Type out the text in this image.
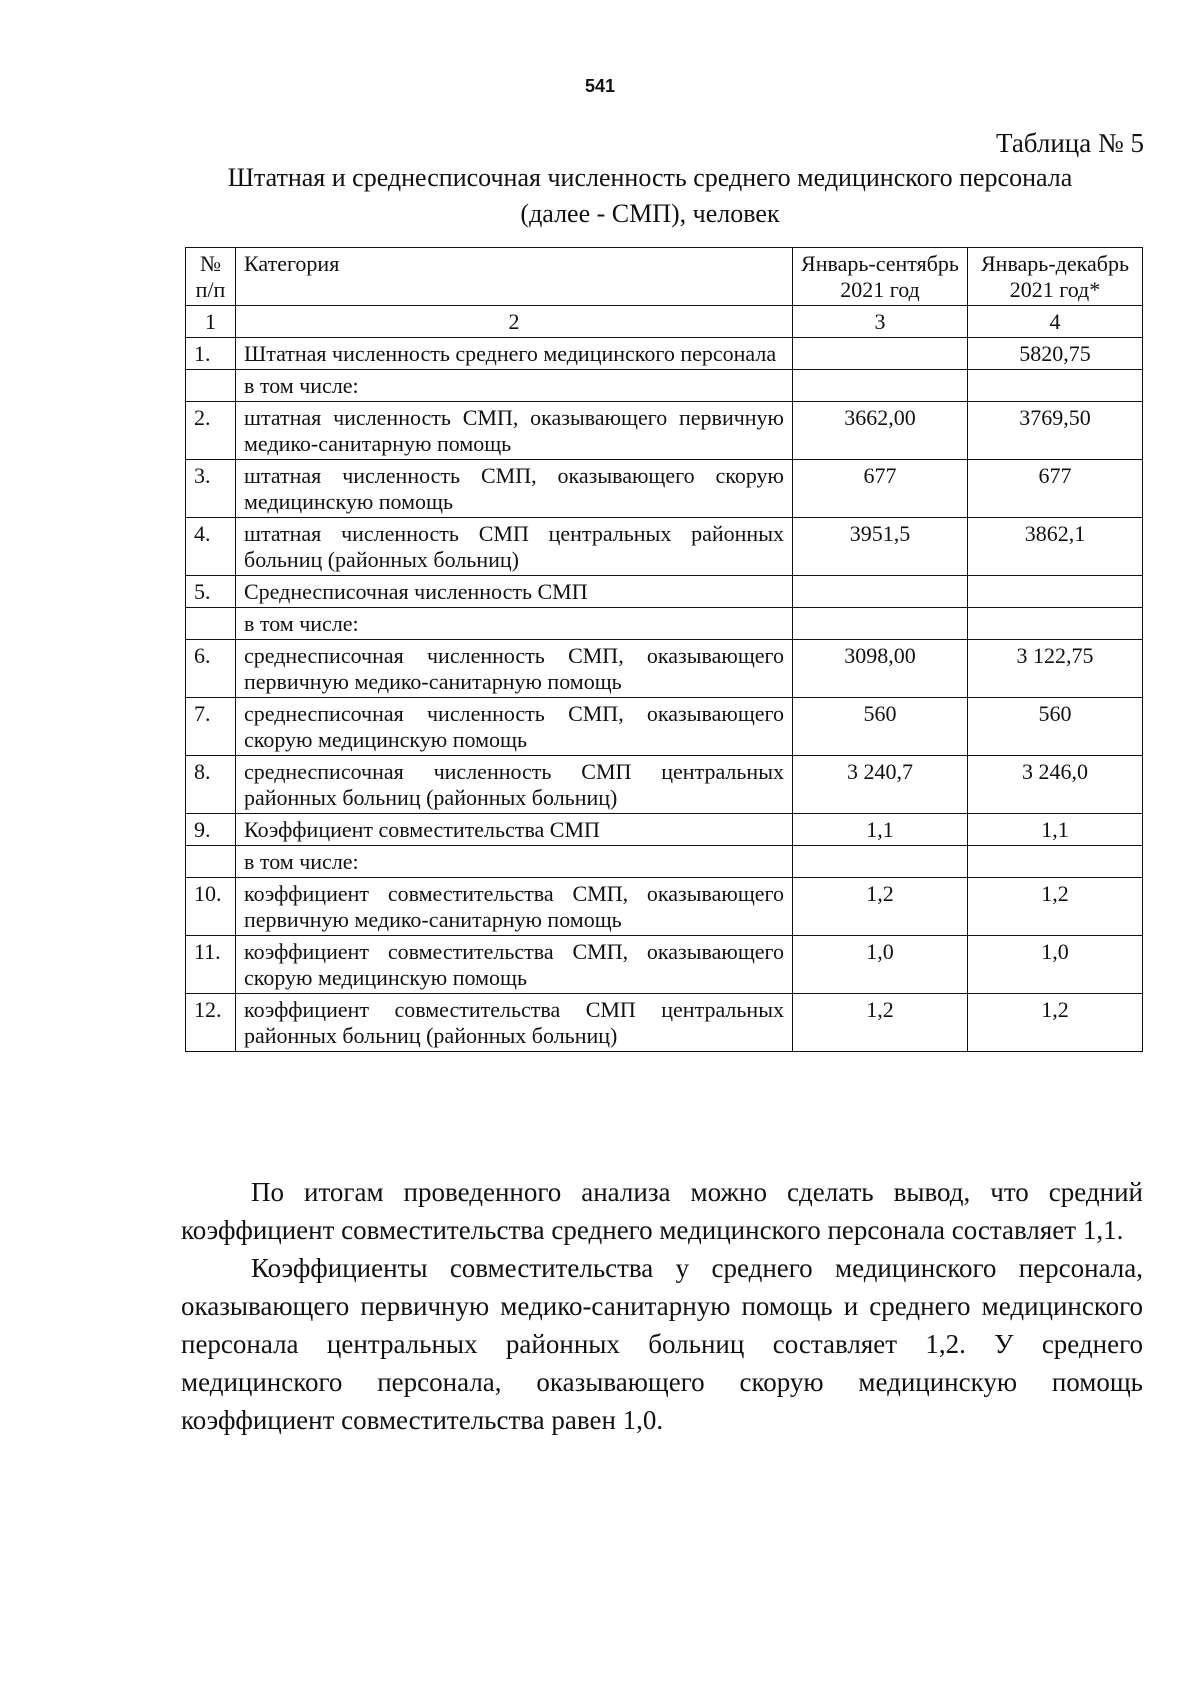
541
Таблица № 5
Штатная и среднесписочная численность среднего медицинского персонала (далее - СМП), человек
№ п/п	Категория	Январь-сентябрь 2021 год	Январь-декабрь 2021 год*
1	2	3	4
1.	Штатная численность среднего медицинского персонала		5820,75
	в том числе:		
2.	штатная численность СМП, оказывающего первичную медико-санитарную помощь	3662,00	3769,50
3.	штатная численность СМП, оказывающего скорую медицинскую помощь	677	677
4.	штатная численность СМП центральных районных больниц (районных больниц)	3951,5	3862,1
5.	Среднесписочная численность СМП		
	в том числе:		
6.	среднесписочная численность СМП, оказывающего первичную медико-санитарную помощь	3098,00	3 122,75
7.	среднесписочная численность СМП, оказывающего скорую медицинскую помощь	560	560
8.	среднесписочная численность СМП центральных районных больниц (районных больниц)	3 240,7	3 246,0
9.	Коэффициент совместительства СМП	1,1	1,1
	в том числе:		
10.	коэффициент совместительства СМП, оказывающего первичную медико-санитарную помощь	1,2	1,2
11.	коэффициент совместительства СМП, оказывающего скорую медицинскую помощь	1,0	1,0
12.	коэффициент совместительства СМП центральных районных больниц (районных больниц)	1,2	1,2

По итогам проведенного анализа можно сделать вывод, что средний коэффициент совместительства среднего медицинского персонала составляет 1,1.

Коэффициенты совместительства у среднего медицинского персонала, оказывающего первичную медико-санитарную помощь и среднего медицинского персонала центральных районных больниц составляет 1,2. У среднего медицинского персонала, оказывающего скорую медицинскую помощь коэффициент совместительства равен 1,0.
